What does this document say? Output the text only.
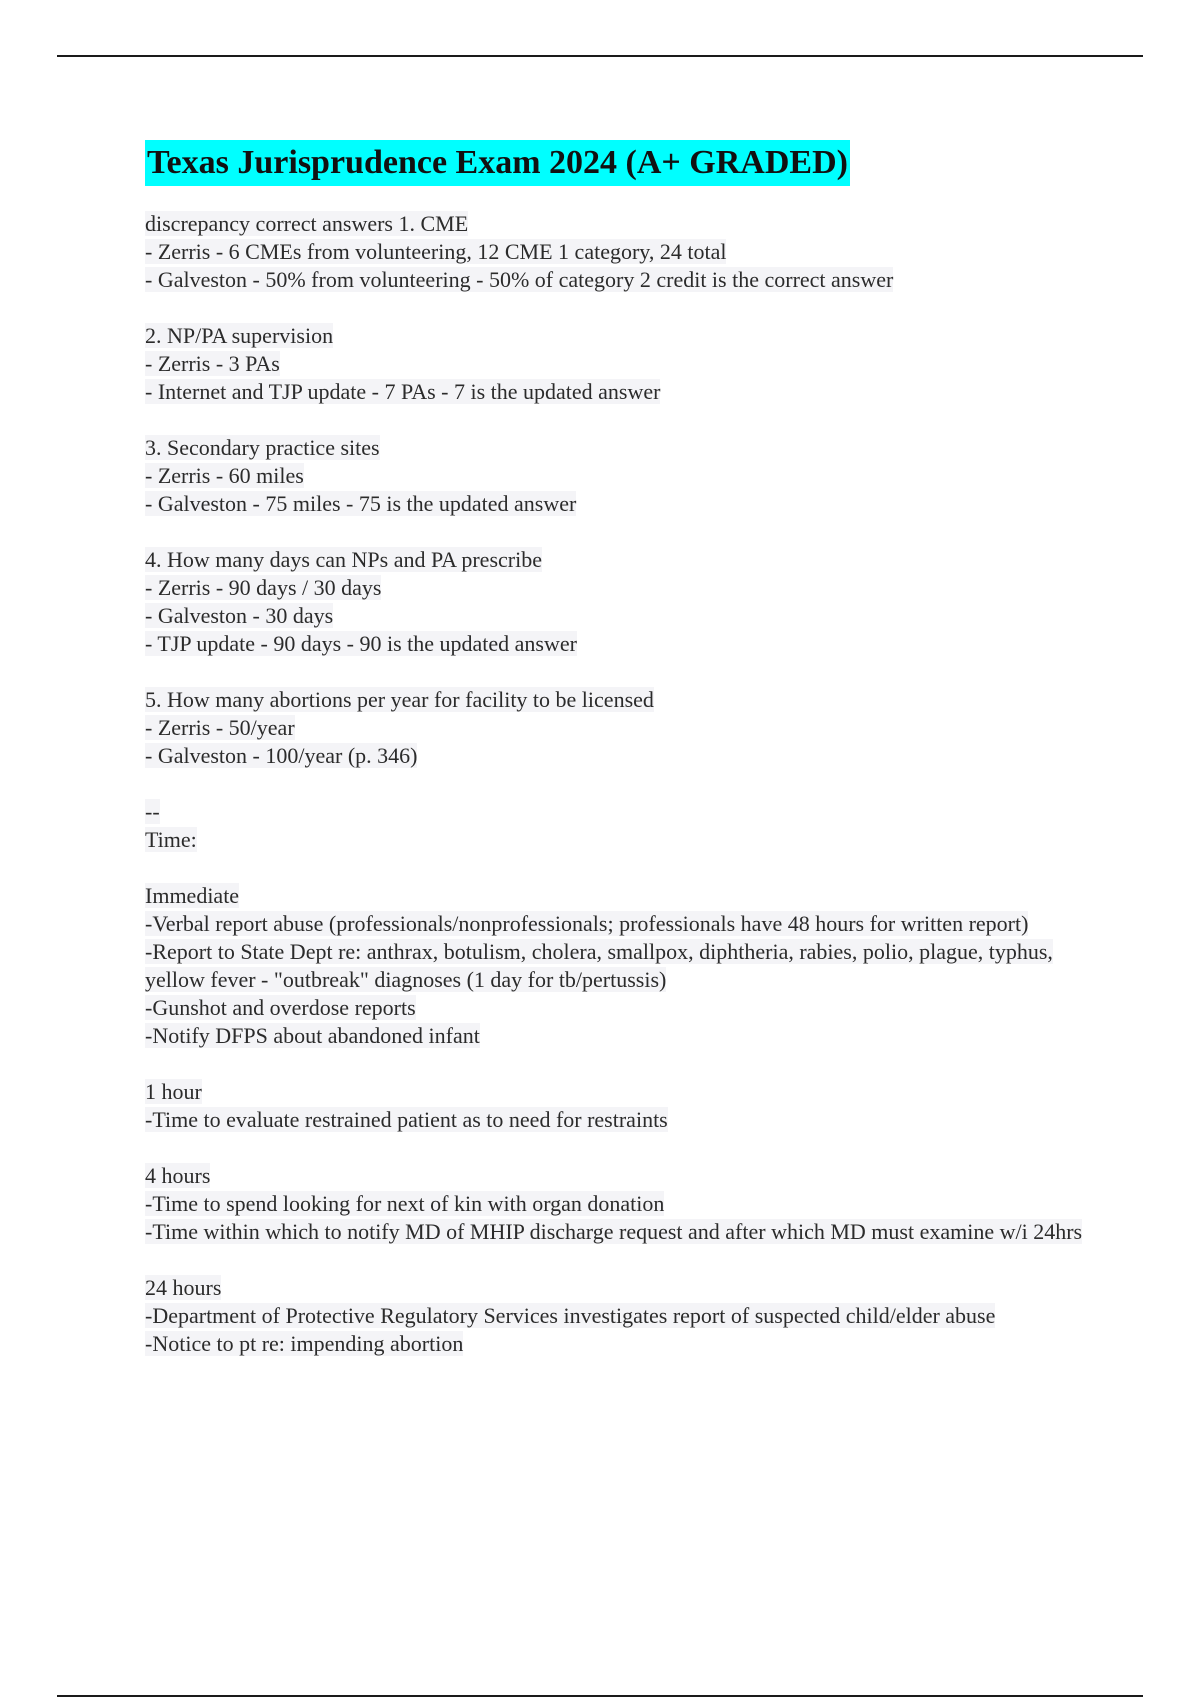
Texas Jurisprudence Exam 2024 (A+ GRADED)
discrepancy correct answers 1. CME
- Zerris - 6 CMEs from volunteering, 12 CME 1 category, 24 total
- Galveston - 50% from volunteering - 50% of category 2 credit is the correct answer
2. NP/PA supervision
- Zerris - 3 PAs
- Internet and TJP update - 7 PAs - 7 is the updated answer
3. Secondary practice sites
- Zerris - 60 miles
- Galveston - 75 miles - 75 is the updated answer
4. How many days can NPs and PA prescribe
- Zerris - 90 days / 30 days
- Galveston - 30 days
- TJP update - 90 days - 90 is the updated answer
5. How many abortions per year for facility to be licensed
- Zerris - 50/year
- Galveston - 100/year (p. 346)
--
Time:
Immediate
-Verbal report abuse (professionals/nonprofessionals; professionals have 48 hours for written report)
-Report to State Dept re: anthrax, botulism, cholera, smallpox, diphtheria, rabies, polio, plague, typhus, yellow fever - "outbreak" diagnoses (1 day for tb/pertussis)
-Gunshot and overdose reports
-Notify DFPS about abandoned infant
1 hour
-Time to evaluate restrained patient as to need for restraints
4 hours
-Time to spend looking for next of kin with organ donation
-Time within which to notify MD of MHIP discharge request and after which MD must examine w/i 24hrs
24 hours
-Department of Protective Regulatory Services investigates report of suspected child/elder abuse
-Notice to pt re: impending abortion
